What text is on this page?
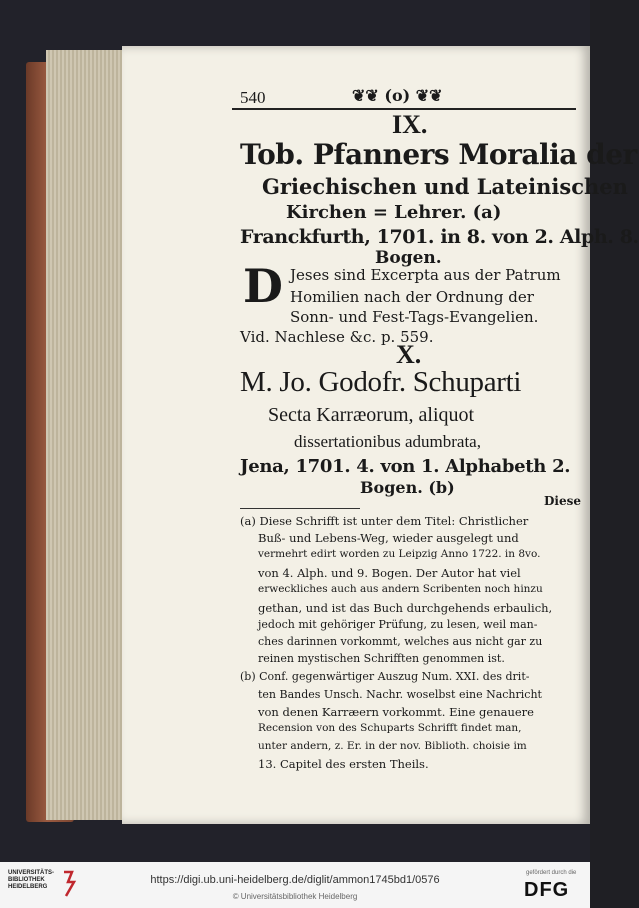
540	❦❦ (o) ❦❦
IX.
Tob. Pfanners Moralia der
Griechischen und Lateinischen
Kirchen = Lehrer. (a)
Franckfurth, 1701. in 8. von 2. Alph. 8.
Bogen.
D Jeses sind Excerpta aus der Patrum
Homilien nach der Ordnung der
Sonn- und Fest-Tags-Evangelien.
Vid. Nachlese &c. p. 559.
X.
M. Jo. Godofr. Schuparti
Secta Karræorum, aliquot
dissertationibus adumbrata,
Jena, 1701. 4. von 1. Alphabeth 2.
Bogen. (b)
Diese
(a) Diese Schrifft ist unter dem Titel: Christlicher
Buß- und Lebens-Weg, wieder ausgelegt und
vermehrt edirt worden zu Leipzig Anno 1722. in 8vo.
von 4. Alph. und 9. Bogen. Der Autor hat viel
erweckliches auch aus andern Scribenten noch hinzu
gethan, und ist das Buch durchgehends erbaulich,
jedoch mit gehöriger Prüfung, zu lesen, weil man-
ches darinnen vorkommt, welches aus nicht gar zu
reinen mystischen Schrifften genommen ist.
(b) Conf. gegenwärtiger Auszug Num. XXI. des drit-
ten Bandes Unsch. Nachr. woselbst eine Nachricht
von denen Karræern vorkommt. Eine genauere
Recension von des Schuparts Schrifft findet man,
unter andern, z. Er. in der nov. Biblioth. choisie im
13. Capitel des ersten Theils.
UNIVERSITÄTS- BIBLIOTHEK HEIDELBERG
https://digi.ub.uni-heidelberg.de/diglit/ammon1745bd1/0576
© Universitätsbibliothek Heidelberg
gefördert durch die
DFG
